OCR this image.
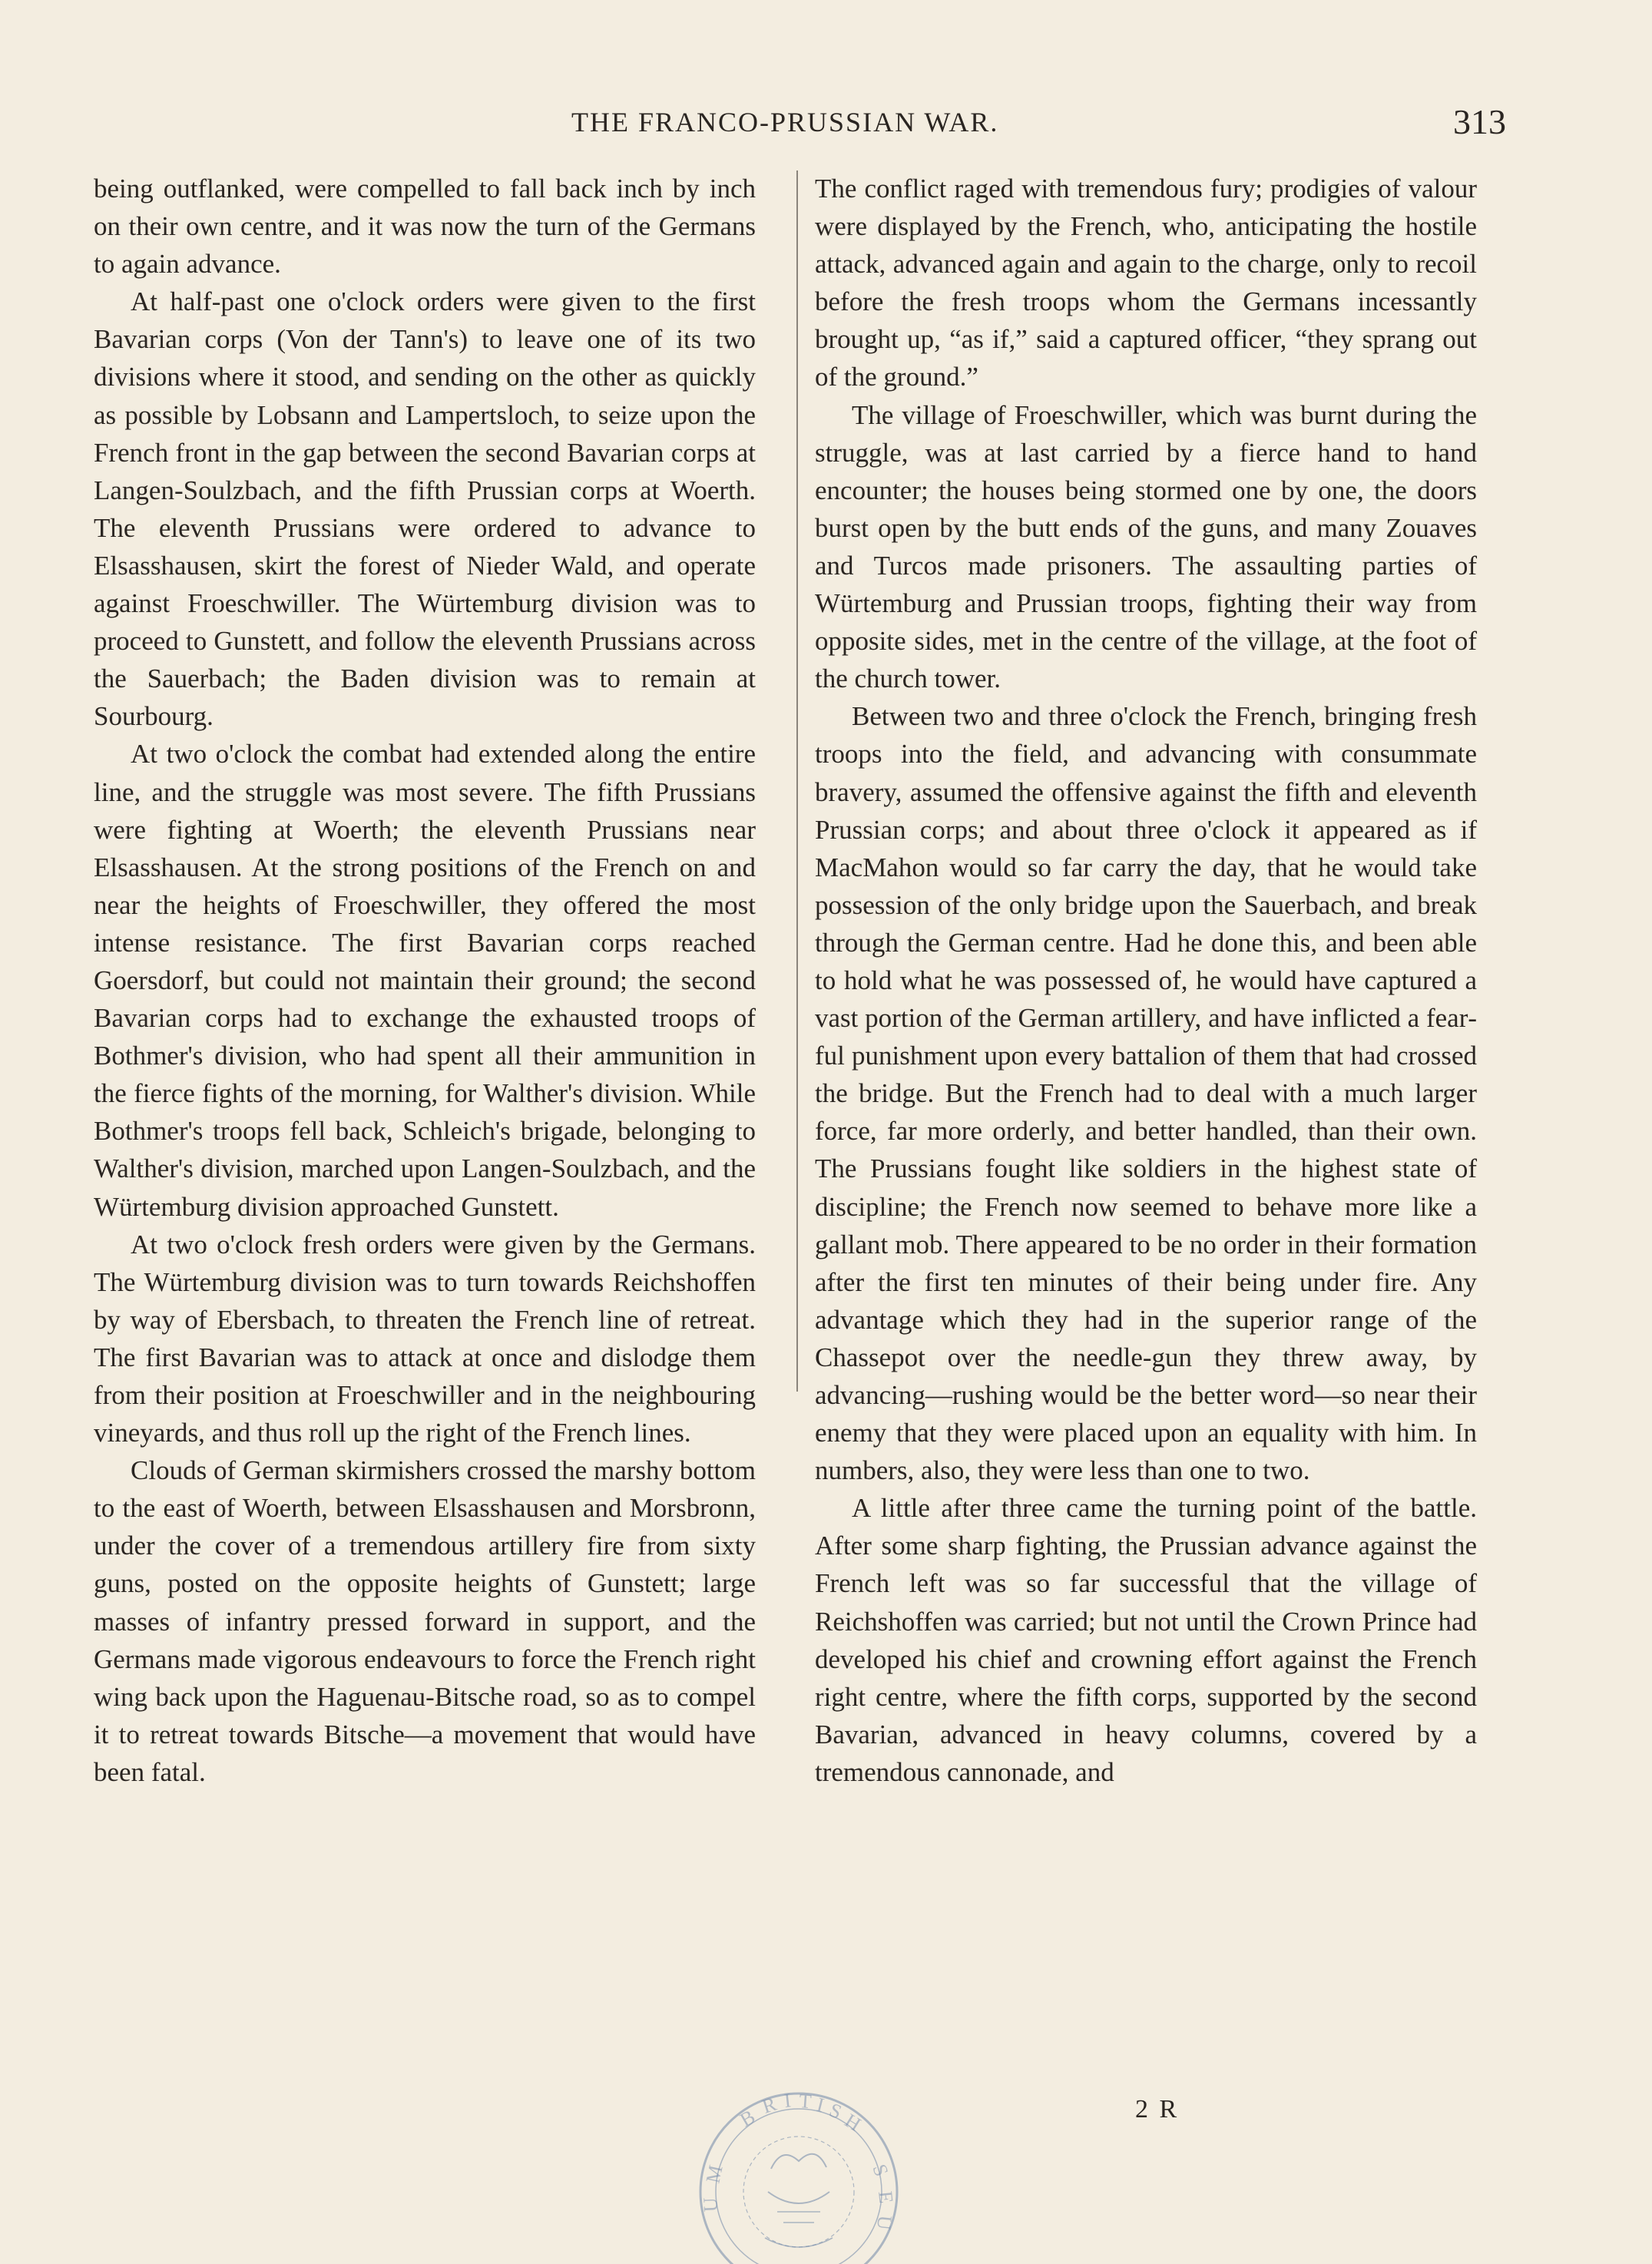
THE FRANCO-PRUSSIAN WAR.	313

being outflanked, were compelled to fall back inch by inch on their own centre, and it was now the turn of the Germans to again advance.

At half-past one o'clock orders were given to the first Bavarian corps (Von der Tann's) to leave one of its two divisions where it stood, and sending on the other as quickly as possible by Lobsann and Lampertsloch, to seize upon the French front in the gap between the second Bavarian corps at Langen-Soulzbach, and the fifth Prussian corps at Woerth. The eleventh Prussians were ordered to advance to Elsasshausen, skirt the forest of Nieder Wald, and operate against Froeschwiller. The Würtemburg division was to proceed to Gunstett, and follow the eleventh Prussians across the Sauerbach; the Baden division was to remain at Sourbourg.

At two o'clock the combat had extended along the entire line, and the struggle was most severe. The fifth Prussians were fighting at Woerth; the eleventh Prussians near Elsasshausen. At the strong positions of the French on and near the heights of Froeschwiller, they offered the most intense resistance. The first Bavarian corps reached Goersdorf, but could not maintain their ground; the second Bavarian corps had to exchange the exhausted troops of Bothmer's division, who had spent all their ammunition in the fierce fights of the morning, for Walther's division. While Bothmer's troops fell back, Schleich's brigade, belonging to Walther's division, marched upon Langen-Soulzbach, and the Würtemburg division approached Gunstett.

At two o'clock fresh orders were given by the Germans. The Würtemburg division was to turn towards Reichshoffen by way of Ebersbach, to threaten the French line of retreat. The first Bavarian was to attack at once and dislodge them from their position at Froeschwiller and in the neighbouring vineyards, and thus roll up the right of the French lines.

Clouds of German skirmishers crossed the marshy bottom to the east of Woerth, between Elsasshausen and Morsbronn, under the cover of a tremendous artillery fire from sixty guns, posted on the opposite heights of Gunstett; large masses of infantry pressed forward in support, and the Germans made vigorous endeavours to force the French right wing back upon the Haguenau-Bitsche road, so as to compel it to retreat towards Bitsche—a movement that would have been fatal.

The conflict raged with tremendous fury; prodigies of valour were displayed by the French, who, anticipating the hostile attack, advanced again and again to the charge, only to recoil before the fresh troops whom the Germans incessantly brought up, “as if,” said a captured officer, “they sprang out of the ground.”

The village of Froeschwiller, which was burnt during the struggle, was at last carried by a fierce hand to hand encounter; the houses being stormed one by one, the doors burst open by the butt ends of the guns, and many Zouaves and Turcos made prisoners. The assaulting parties of Würtemburg and Prussian troops, fighting their way from opposite sides, met in the centre of the village, at the foot of the church tower.

Between two and three o'clock the French, bringing fresh troops into the field, and advancing with consummate bravery, assumed the offensive against the fifth and eleventh Prussian corps; and about three o'clock it appeared as if MacMahon would so far carry the day, that he would take possession of the only bridge upon the Sauerbach, and break through the German centre. Had he done this, and been able to hold what he was possessed of, he would have captured a vast portion of the German artillery, and have inflicted a fearful punishment upon every battalion of them that had crossed the bridge. But the French had to deal with a much larger force, far more orderly, and better handled, than their own. The Prussians fought like soldiers in the highest state of discipline; the French now seemed to behave more like a gallant mob. There appeared to be no order in their formation after the first ten minutes of their being under fire. Any advantage which they had in the superior range of the Chassepot over the needle-gun they threw away, by advancing—rushing would be the better word—so near their enemy that they were placed upon an equality with him. In numbers, also, they were less than one to two.

A little after three came the turning point of the battle. After some sharp fighting, the Prussian advance against the French left was so far successful that the village of Reichshoffen was carried; but not until the Crown Prince had developed his chief and crowning effort against the French right centre, where the fifth corps, supported by the second Bavarian, advanced in heavy columns, covered by a tremendous cannonade, and

2 R
B
R I T I S
H
M
U
S
E
U
